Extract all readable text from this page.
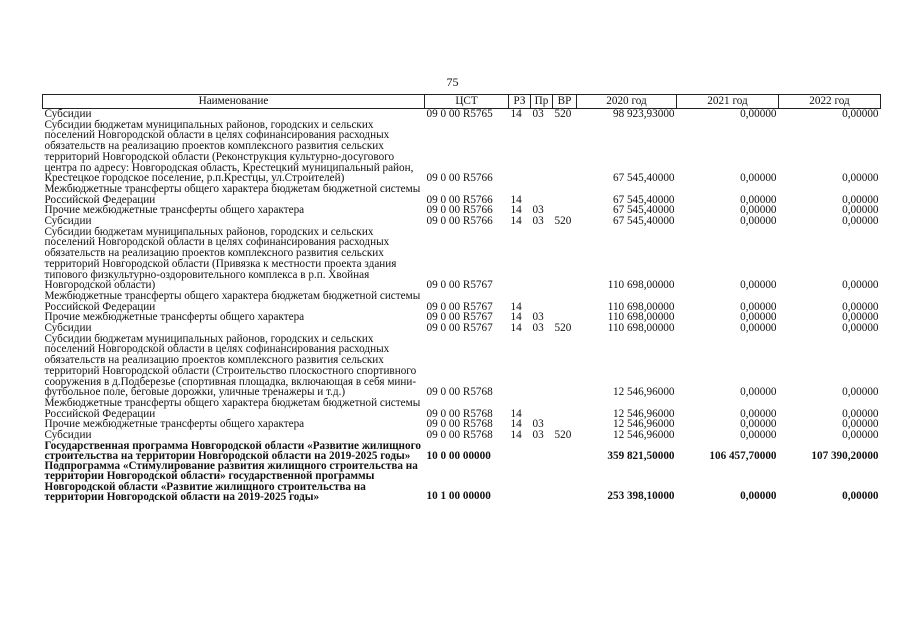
75
Наименование	ЦСТ	РЗ	Пр	ВР	2020 год	2021 год	2022 год
Субсидии	09 0 00 R5765	14	03	520	98 923,93000	0,00000	0,00000
Субсидии бюджетам муниципальных районов, городских и сельских поселений Новгородской области в целях софинансирования расходных обязательств на реализацию проектов комплексного развития сельских территорий Новгородской области (Реконструкция культурно-досугового центра по адресу: Новгородская область, Крестецкий муниципальный район, Крестецкое городское поселение, р.п.Крестцы, ул.Строителей)	09 0 00 R5766				67 545,40000	0,00000	0,00000
Межбюджетные трансферты общего характера бюджетам бюджетной системы Российской Федерации	09 0 00 R5766	14			67 545,40000	0,00000	0,00000
Прочие межбюджетные трансферты общего характера	09 0 00 R5766	14	03		67 545,40000	0,00000	0,00000
Субсидии	09 0 00 R5766	14	03	520	67 545,40000	0,00000	0,00000
Субсидии бюджетам муниципальных районов, городских и сельских поселений Новгородской области в целях софинансирования расходных обязательств на реализацию проектов комплексного развития сельских территорий Новгородской области (Привязка к местности проекта здания типового физкультурно-оздоровительного комплекса в р.п. Хвойная Новгородской области)	09 0 00 R5767				110 698,00000	0,00000	0,00000
Межбюджетные трансферты общего характера бюджетам бюджетной системы Российской Федерации	09 0 00 R5767	14			110 698,00000	0,00000	0,00000
Прочие межбюджетные трансферты общего характера	09 0 00 R5767	14	03		110 698,00000	0,00000	0,00000
Субсидии	09 0 00 R5767	14	03	520	110 698,00000	0,00000	0,00000
Субсидии бюджетам муниципальных районов, городских и сельских поселений Новгородской области в целях софинансирования расходных обязательств на реализацию проектов комплексного развития сельских территорий Новгородской области (Строительство плоскостного спортивного сооружения в д.Подберезье (спортивная площадка, включающая в себя мини-футбольное поле, беговые дорожки, уличные тренажеры и т.д.)	09 0 00 R5768				12 546,96000	0,00000	0,00000
Межбюджетные трансферты общего характера бюджетам бюджетной системы Российской Федерации	09 0 00 R5768	14			12 546,96000	0,00000	0,00000
Прочие межбюджетные трансферты общего характера	09 0 00 R5768	14	03		12 546,96000	0,00000	0,00000
Субсидии	09 0 00 R5768	14	03	520	12 546,96000	0,00000	0,00000
Государственная программа Новгородской области «Развитие жилищного строительства на территории Новгородской области на 2019-2025 годы»	10 0 00 00000				359 821,50000	106 457,70000	107 390,20000
Подпрограмма «Стимулирование развития жилищного строительства на территории Новгородской области» государственной программы Новгородской области «Развитие жилищного строительства на территории Новгородской области на 2019-2025 годы»	10 1 00 00000				253 398,10000	0,00000	0,00000
